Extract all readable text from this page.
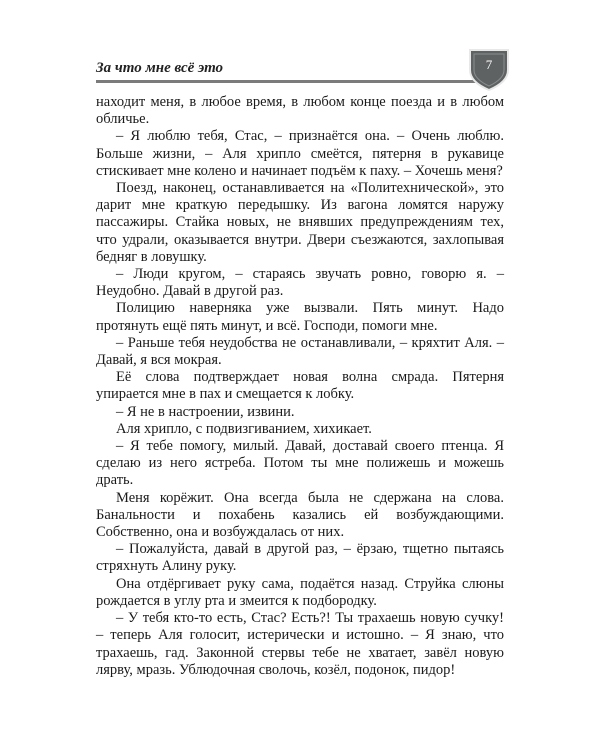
За что мне всё это	7

находит меня, в любое время, в любом конце поезда и в любом обличье.

– Я люблю тебя, Стас, – признаётся она. – Очень люблю. Больше жизни, – Аля хрипло смеётся, пятерня в рукавице стискивает мне колено и начинает подъём к паху. – Хочешь меня?

Поезд, наконец, останавливается на «Политехнической», это дарит мне краткую передышку. Из вагона ломятся наружу пассажиры. Стайка новых, не внявших предупреждениям тех, что удрали, оказывается внутри. Двери съезжаются, захлопывая бедняг в ловушку.

– Люди кругом, – стараясь звучать ровно, говорю я. – Неудобно. Давай в другой раз.

Полицию наверняка уже вызвали. Пять минут. Надо протянуть ещё пять минут, и всё. Господи, помоги мне.

– Раньше тебя неудобства не останавливали, – кряхтит Аля. – Давай, я вся мокрая.

Её слова подтверждает новая волна смрада. Пятерня упирается мне в пах и смещается к лобку.

– Я не в настроении, извини.

Аля хрипло, с подвизгиванием, хихикает.

– Я тебе помогу, милый. Давай, доставай своего птенца. Я сделаю из него ястреба. Потом ты мне полижешь и можешь драть.

Меня корёжит. Она всегда была не сдержана на слова. Банальности и похабень казались ей возбуждающими. Собственно, она и возбуждалась от них.

– Пожалуйста, давай в другой раз, – ёрзаю, тщетно пытаясь стряхнуть Алину руку.

Она отдёргивает руку сама, подаётся назад. Струйка слюны рождается в углу рта и змеится к подбородку.

– У тебя кто-то есть, Стас? Есть?! Ты трахаешь новую сучку! – теперь Аля голосит, истерически и истошно. – Я знаю, что трахаешь, гад. Законной стервы тебе не хватает, завёл новую лярву, мразь. Ублюдочная сволочь, козёл, подонок, пидор!
